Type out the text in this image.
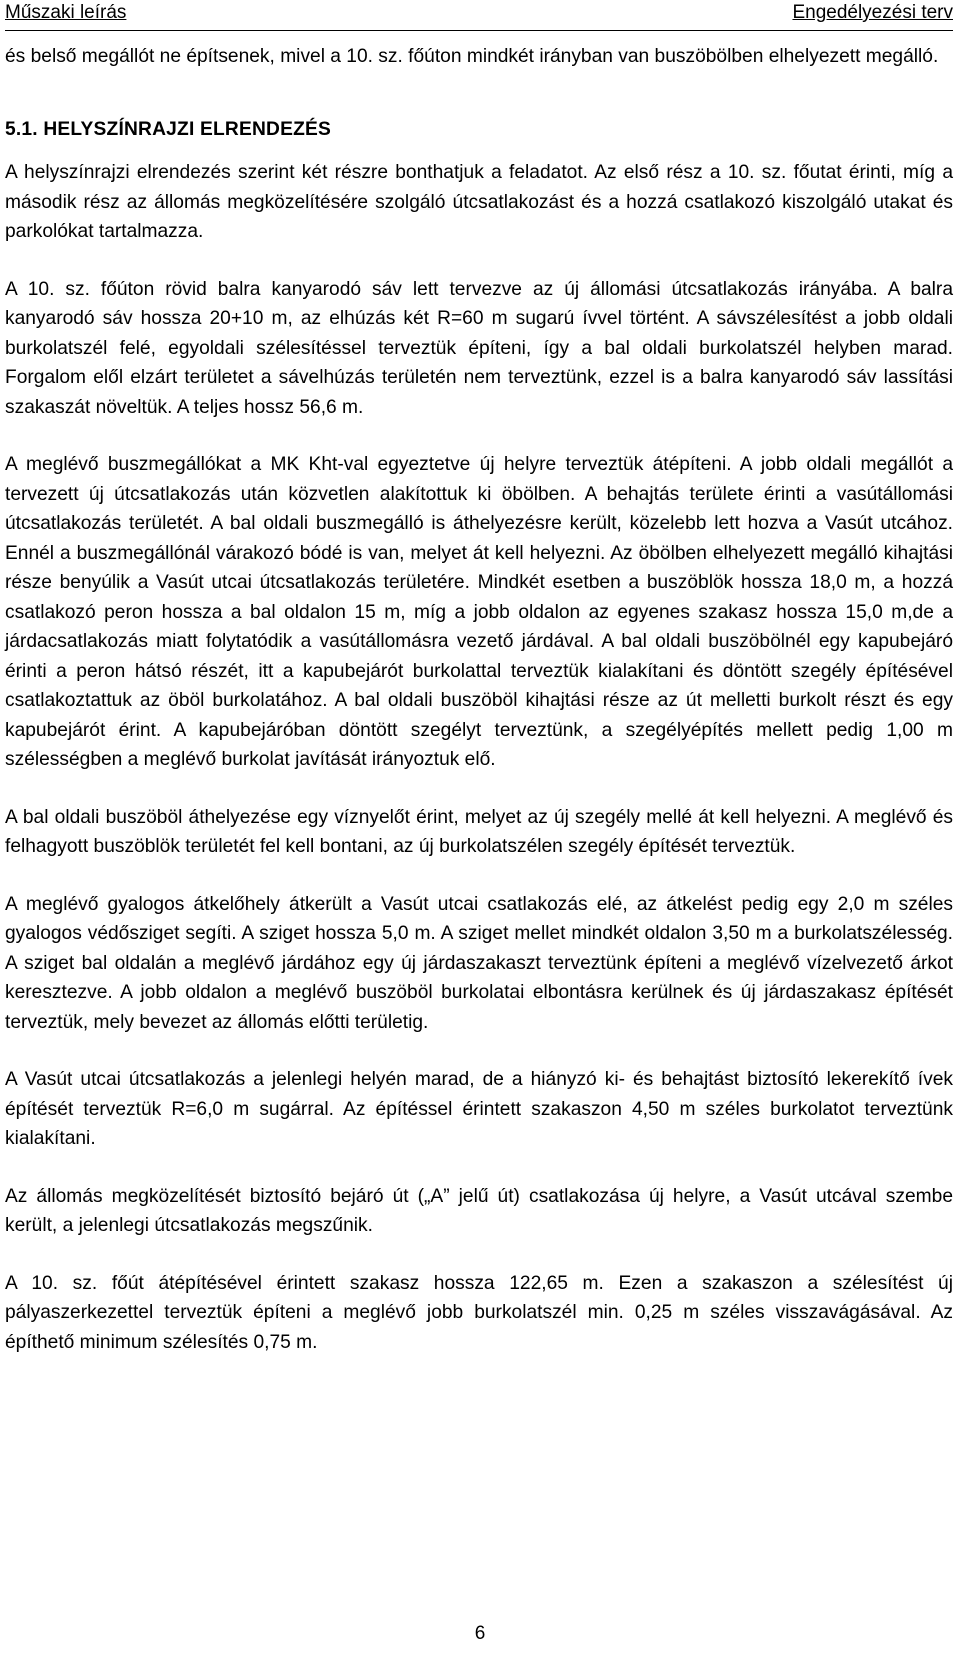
Műszaki leírás	Engedélyezési terv

és belső megállót ne építsenek, mivel a 10. sz. főúton mindkét irányban van buszöbölben elhelyezett megálló.

5.1. HELYSZÍNRAJZI ELRENDEZÉS

A helyszínrajzi elrendezés szerint két részre bonthatjuk a feladatot. Az első rész a 10. sz. főutat érinti, míg a második rész az állomás megközelítésére szolgáló útcsatlakozást és a hozzá csatlakozó kiszolgáló utakat és parkolókat tartalmazza.

A 10. sz. főúton rövid balra kanyarodó sáv lett tervezve az új állomási útcsatlakozás irányába. A balra kanyarodó sáv hossza 20+10 m, az elhúzás két R=60 m sugarú ívvel történt. A sávszélesítést a jobb oldali burkolatszél felé, egyoldali szélesítéssel terveztük építeni, így a bal oldali burkolatszél helyben marad. Forgalom elől elzárt területet a sávelhúzás területén nem terveztünk, ezzel is a balra kanyarodó sáv lassítási szakaszát növeltük. A teljes hossz 56,6 m.

A meglévő buszmegállókat a MK Kht-val egyeztetve új helyre terveztük átépíteni. A jobb oldali megállót a tervezett új útcsatlakozás után közvetlen alakítottuk ki öbölben. A behajtás területe érinti a vasútállomási útcsatlakozás területét. A bal oldali buszmegálló is áthelyezésre került, közelebb lett hozva a Vasút utcához. Ennél a buszmegállónál várakozó bódé is van, melyet át kell helyezni. Az öbölben elhelyezett megálló kihajtási része benyúlik a Vasút utcai útcsatlakozás területére. Mindkét esetben a buszöblök hossza 18,0 m, a hozzá csatlakozó peron hossza a bal oldalon 15 m, míg a jobb oldalon az egyenes szakasz hossza 15,0 m,de a járdacsatlakozás miatt folytatódik a vasútállomásra vezető járdával. A bal oldali buszöbölnél egy kapubejáró érinti a peron hátsó részét, itt a kapubejárót burkolattal terveztük kialakítani és döntött szegély építésével csatlakoztattuk az öböl burkolatához. A bal oldali buszöböl kihajtási része az út melletti burkolt részt és egy kapubejárót érint. A kapubejáróban döntött szegélyt terveztünk, a szegélyépítés mellett pedig 1,00 m szélességben a meglévő burkolat javítását irányoztuk elő.

A bal oldali buszöböl áthelyezése egy víznyelőt érint, melyet az új szegély mellé át kell helyezni. A meglévő és felhagyott buszöblök területét fel kell bontani, az új burkolatszélen szegély építését terveztük.

A meglévő gyalogos átkelőhely átkerült a Vasút utcai csatlakozás elé, az átkelést pedig egy 2,0 m széles gyalogos védősziget segíti. A sziget hossza 5,0 m. A sziget mellet mindkét oldalon 3,50 m a burkolatszélesség. A sziget bal oldalán a meglévő járdához egy új járdaszakaszt terveztünk építeni a meglévő vízelvezető árkot keresztezve. A jobb oldalon a meglévő buszöböl burkolatai elbontásra kerülnek és új járdaszakasz építését terveztük, mely bevezet az állomás előtti területig.

A Vasút utcai útcsatlakozás a jelenlegi helyén marad, de a hiányzó ki- és behajtást biztosító lekerekítő ívek építését terveztük R=6,0 m sugárral. Az építéssel érintett szakaszon 4,50 m széles burkolatot terveztünk kialakítani.

Az állomás megközelítését biztosító bejáró út („A” jelű út) csatlakozása új helyre, a Vasút utcával szembe került, a jelenlegi útcsatlakozás megszűnik.

A 10. sz. főút átépítésével érintett szakasz hossza 122,65 m. Ezen a szakaszon a szélesítést új pályaszerkezettel terveztük építeni a meglévő jobb burkolatszél min. 0,25 m széles visszavágásával. Az építhető minimum szélesítés 0,75 m.

6
